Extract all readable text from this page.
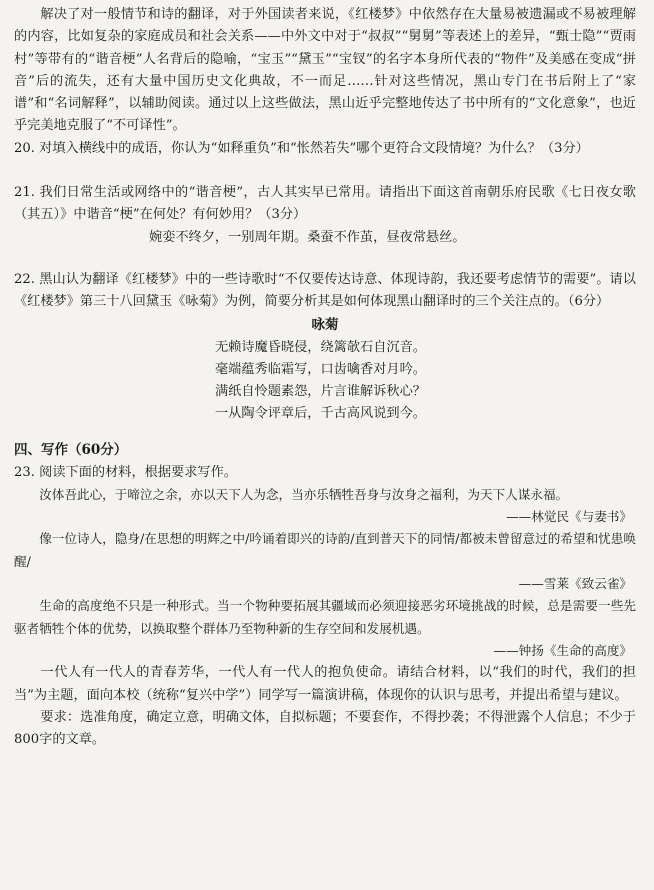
解决了对一般情节和诗的翻译，对于外国读者来说，《红楼梦》中依然存在大量易被遗漏或不易被理解的内容，比如复杂的家庭成员和社会关系——中外文中对于“叔叔”“舅舅”等表述上的差异，“甄士隐”“贾雨村”等带有的“谐音梗”人名背后的隐喻，“宝玉”“黛玉”“宝钗”的名字本身所代表的“物件”及美感在变成“拼音”后的流失，还有大量中国历史文化典故，不一而足……针对这些情况，黑山专门在书后附上了“家谱”和“名词解释”，以辅助阅读。通过以上这些做法，黑山近乎完整地传达了书中所有的“文化意象”，也近乎完美地克服了“不可译性”。

20. 对填入横线中的成语，你认为“如释重负”和“怅然若失”哪个更符合文段情境？为什么？（3分）

21. 我们日常生活或网络中的“谐音梗”，古人其实早已常用。请指出下面这首南朝乐府民歌《七日夜女歌（其五）》中谐音“梗”在何处？有何妙用？（3分）

婉娈不终夕，一别周年期。桑蚕不作茧，昼夜常悬丝。

22. 黑山认为翻译《红楼梦》中的一些诗歌时“不仅要传达诗意、体现诗韵，我还要考虑情节的需要”。请以《红楼梦》第三十八回黛玉《咏菊》为例，简要分析其是如何体现黑山翻译时的三个关注点的。（6分）

咏菊

无赖诗魔昏晓侵，绕篱欹石自沉音。

毫端蕴秀临霜写，口齿噙香对月吟。

满纸自怜题素怨，片言谁解诉秋心？

一从陶令评章后，千古高风说到今。

四、写作（60分）

23. 阅读下面的材料，根据要求写作。

汝体吾此心，于啼泣之余，亦以天下人为念，当亦乐牺牲吾身与汝身之福利，为天下人谋永福。

——林觉民《与妻书》

像一位诗人，隐身/在思想的明辉之中/吟诵着即兴的诗韵/直到普天下的同情/都被未曾留意过的希望和忧患唤醒/

——雪莱《致云雀》

生命的高度绝不只是一种形式。当一个物种要拓展其疆域而必须迎接恶劣环境挑战的时候，总是需要一些先驱者牺牲个体的优势，以换取整个群体乃至物种新的生存空间和发展机遇。

——钟扬《生命的高度》

一代人有一代人的青春芳华，一代人有一代人的抱负使命。请结合材料，以“我们的时代，我们的担当”为主题，面向本校（统称“复兴中学”）同学写一篇演讲稿，体现你的认识与思考，并提出希望与建议。

要求：选准角度，确定立意，明确文体，自拟标题；不要套作，不得抄袭；不得泄露个人信息；不少于800字的文章。
